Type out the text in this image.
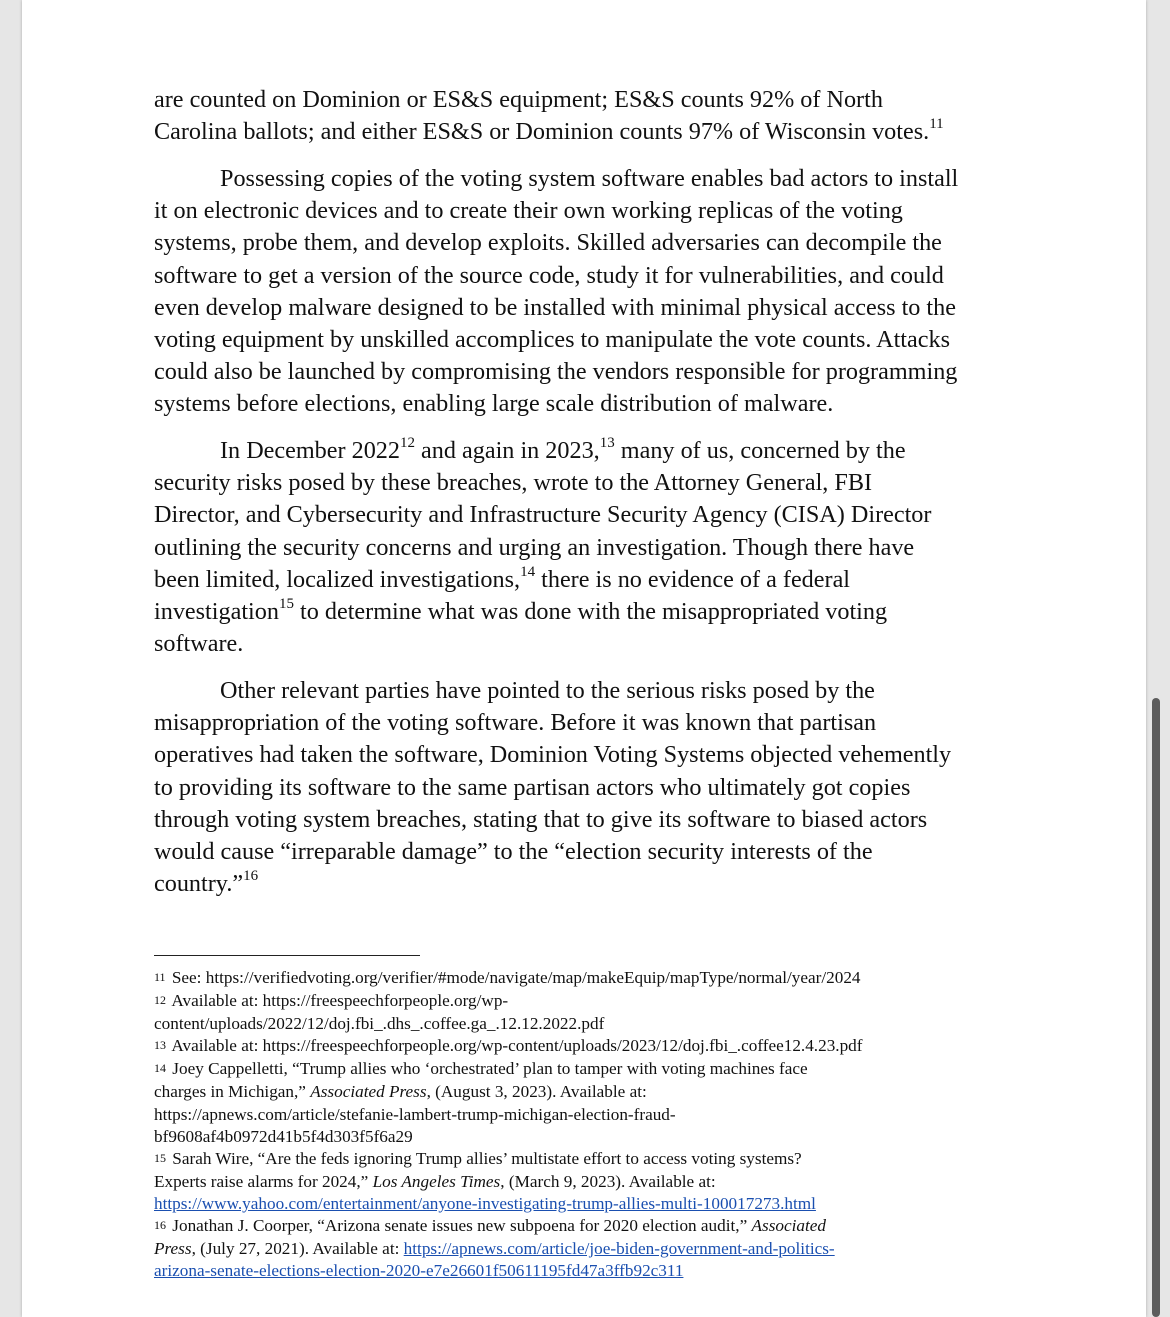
are counted on Dominion or ES&S equipment; ES&S counts 92% of North
Carolina ballots; and either ES&S or Dominion counts 97% of Wisconsin votes.$^{11}$

Possessing copies of the voting system software enables bad actors to install
it on electronic devices and to create their own working replicas of the voting
systems, probe them, and develop exploits. Skilled adversaries can decompile the
software to get a version of the source code, study it for vulnerabilities, and could
even develop malware designed to be installed with minimal physical access to the
voting equipment by unskilled accomplices to manipulate the vote counts. Attacks
could also be launched by compromising the vendors responsible for programming
systems before elections, enabling large scale distribution of malware.

In December 2022$^{12}$ and again in 2023,13 many of us, concerned by the
security risks posed by these breaches, wrote to the Attorney General, FBI
Director, and Cybersecurity and Infrastructure Security Agency (CISA) Director
outlining the security concerns and urging an investigation. Though there have
been limited, localized investigations,$^{14}$ there is no evidence of a federal
investigation$^{15}$ to determine what was done with the misappropriated voting
software.

Other relevant parties have pointed to the serious risks posed by the
misappropriation of the voting software. Before it was known that partisan
operatives had taken the software, Dominion Voting Systems objected vehemently
to providing its software to the same partisan actors who ultimately got copies
through voting system breaches, stating that to give its software to biased actors
would cause “irreparable damage” to the “election security interests of the
country.”$^{16}$

11 See: https://verifiedvoting.org/verifier/#mode/navigate/map/makeEquip/mapType/normal/year/2024
12 Available at: https://freespeechforpeople.org/wp-
content/uploads/2022/12/doj.fbi_.dhs_.coffee.ga_.12.12.2022.pdf
13 Available at: https://freespeechforpeople.org/wp-content/uploads/2023/12/doj.fbi_.coffee12.4.23.pdf
14 Joey Cappelletti, “Trump allies who ‘orchestrated’ plan to tamper with voting machines face
charges in Michigan,” Associated Press, (August 3, 2023). Available at:
https://apnews.com/article/stefanie-lambert-trump-michigan-election-fraud-
bf9608af4b0972d41b5f4d303f5f6a29
15 Sarah Wire, “Are the feds ignoring Trump allies’ multistate effort to access voting systems?
Experts raise alarms for 2024,” Los Angeles Times, (March 9, 2023). Available at:
https://www.yahoo.com/entertainment/anyone-investigating-trump-allies-multi-100017273.html
16 Jonathan J. Coorper, “Arizona senate issues new subpoena for 2020 election audit,” Associated
Press, (July 27, 2021). Available at: https://apnews.com/article/joe-biden-government-and-politics-
arizona-senate-elections-election-2020-e7e26601f50611195fd47a3ffb92c311
